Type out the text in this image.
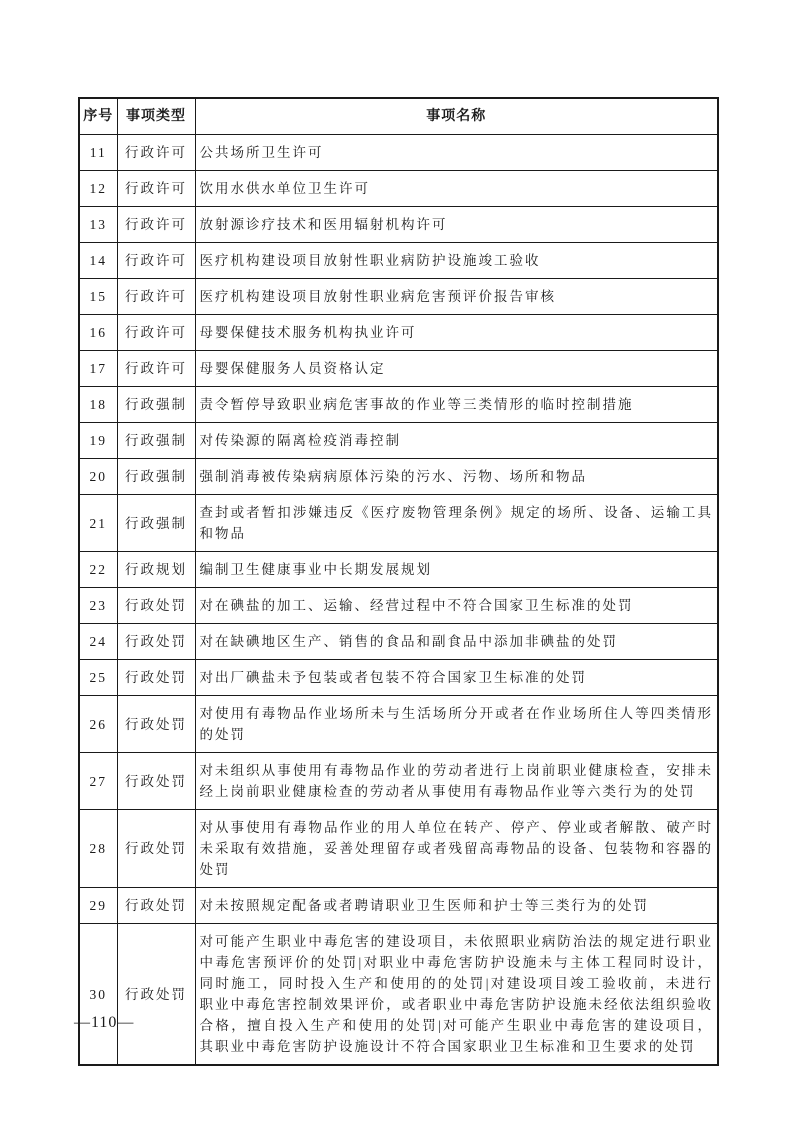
序号	事项类型	事项名称
11	行政许可	公共场所卫生许可
12	行政许可	饮用水供水单位卫生许可
13	行政许可	放射源诊疗技术和医用辐射机构许可
14	行政许可	医疗机构建设项目放射性职业病防护设施竣工验收
15	行政许可	医疗机构建设项目放射性职业病危害预评价报告审核
16	行政许可	母婴保健技术服务机构执业许可
17	行政许可	母婴保健服务人员资格认定
18	行政强制	责令暂停导致职业病危害事故的作业等三类情形的临时控制措施
19	行政强制	对传染源的隔离检疫消毒控制
20	行政强制	强制消毒被传染病病原体污染的污水、污物、场所和物品
21	行政强制	查封或者暂扣涉嫌违反《医疗废物管理条例》规定的场所、设备、运输工具和物品
22	行政规划	编制卫生健康事业中长期发展规划
23	行政处罚	对在碘盐的加工、运输、经营过程中不符合国家卫生标准的处罚
24	行政处罚	对在缺碘地区生产、销售的食品和副食品中添加非碘盐的处罚
25	行政处罚	对出厂碘盐未予包装或者包装不符合国家卫生标准的处罚
26	行政处罚	对使用有毒物品作业场所未与生活场所分开或者在作业场所住人等四类情形的处罚
27	行政处罚	对未组织从事使用有毒物品作业的劳动者进行上岗前职业健康检查，安排未经上岗前职业健康检查的劳动者从事使用有毒物品作业等六类行为的处罚
28	行政处罚	对从事使用有毒物品作业的用人单位在转产、停产、停业或者解散、破产时未采取有效措施，妥善处理留存或者残留高毒物品的设备、包装物和容器的处罚
29	行政处罚	对未按照规定配备或者聘请职业卫生医师和护士等三类行为的处罚
30	行政处罚	对可能产生职业中毒危害的建设项目，未依照职业病防治法的规定进行职业中毒危害预评价的处罚|对职业中毒危害防护设施未与主体工程同时设计，同时施工，同时投入生产和使用的的处罚|对建设项目竣工验收前，未进行职业中毒危害控制效果评价，或者职业中毒危害防护设施未经依法组织验收合格，擅自投入生产和使用的处罚|对可能产生职业中毒危害的建设项目，其职业中毒危害防护设施设计不符合国家职业卫生标准和卫生要求的处罚
—110—
